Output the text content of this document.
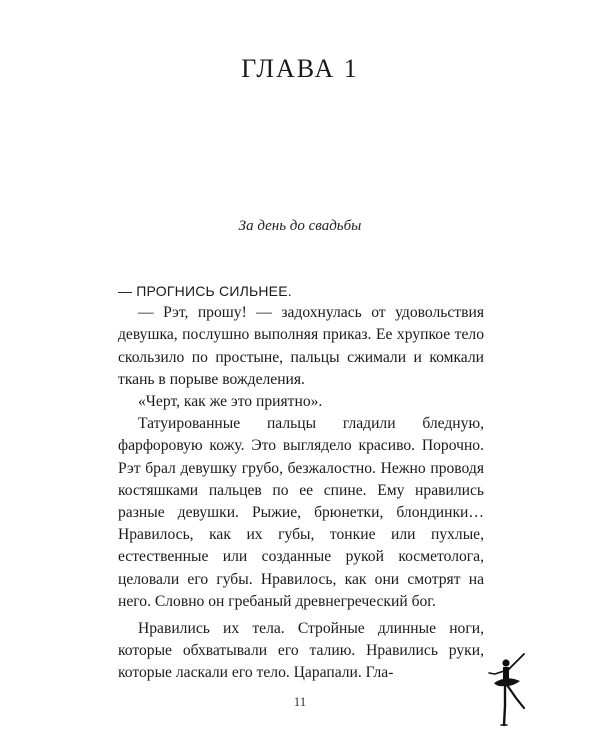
ГЛАВА 1
За день до свадьбы

— ПРОГНИСЬ СИЛЬНЕЕ.

— Рэт, прошу! — задохнулась от удовольствия девушка, послушно выполняя приказ. Ее хрупкое тело скользило по простыне, пальцы сжимали и комкали ткань в порыве вожделения.

«Черт, как же это приятно».

Татуированные пальцы гладили бледную, фарфоровую кожу. Это выглядело красиво. Порочно. Рэт брал девушку грубо, безжалостно. Нежно проводя костяшками пальцев по ее спине. Ему нравились разные девушки. Рыжие, брюнетки, блондинки… Нравилось, как их губы, тонкие или пухлые, естественные или созданные рукой косметолога, целовали его губы. Нравилось, как они смотрят на него. Словно он гребаный древнегреческий бог.

Нравились их тела. Стройные длинные ноги, которые обхватывали его талию. Нравились руки, которые ласкали его тело. Царапали. Гла-

11
